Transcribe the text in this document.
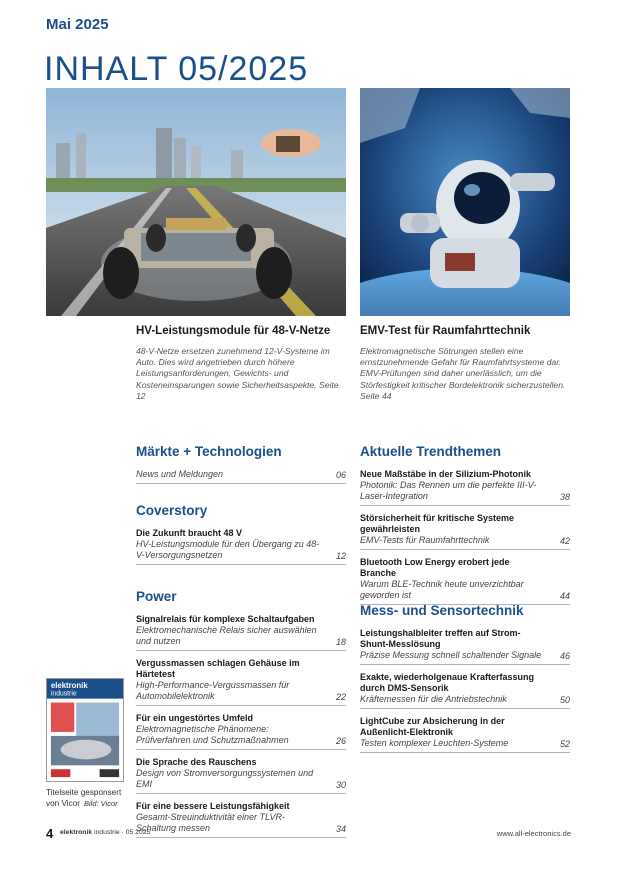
Mai 2025
INHALT 05/2025
HV-Leistungsmodule für 48-V-Netze

48-V-Netze ersetzen zunehmend 12-V-Systeme im Auto. Dies wird angetrieben durch höhere Leistungsanforderungen, Gewichts- und Kosteneinsparungen sowie Sicherheitsaspekte. Seite 12

EMV-Test für Raumfahrttechnik

Elektromagnetische Sötrungen stellen eine ernstzunehmende Gefahr für Raumfahrtsysteme dar. EMV-Prüfungen sind daher unerlässlich, um die Störfestigkeit kritischer Bordelektronik sicherzustellen. Seite 44

Märkte + Technologien
News und Meldungen	06
Coverstory
Die Zukunft braucht 48 V
HV-Leistungsmodule für den Übergang zu 48-V-Versorgungsnetzen	12
Power
Signalrelais für komplexe Schaltaufgaben
Elektromechanische Relais sicher auswählen und nutzen	18
Vergussmassen schlagen Gehäuse im Härtetest
High-Performance-Vergussmassen für Automobilelektronik	22
Für ein ungestörtes Umfeld
Elektromagnetische Phänomene: Prüfverfahren und Schutzmaßnahmen	26
Die Sprache des Rauschens
Design von Stromversorgungssystemen und EMI	30
Für eine bessere Leistungsfähigkeit
Gesamt-Streuinduktivität einer TLVR-Schaltung messen	34
Aktuelle Trendthemen
Neue Maßstäbe in der Silizium-Photonik
Photonik: Das Rennen um die perfekte III-V-Laser-Integration	38
Störsicherheit für kritische Systeme gewährleisten
EMV-Tests für Raumfahrttechnik	42
Bluetooth Low Energy erobert jede Branche
Warum BLE-Technik heute unverzichtbar geworden ist	44
Mess- und Sensortechnik
Leistungshalbleiter treffen auf Strom-Shunt-Messlösung
Präzise Messung schnell schaltender Signale	46
Exakte, wiederholgenaue Krafterfassung durch DMS-Sensorik
Kräftemessen für die Antriebstechnik	50
LightCube zur Absicherung in der Außenlicht-Elektronik
Testen komplexer Leuchten-Systeme	52
elektronik
industrie
Titelseite gesponsert
von Vicor Bild: Vicor
4 elektronik industrie · 05 2025	www.all-electronics.de
